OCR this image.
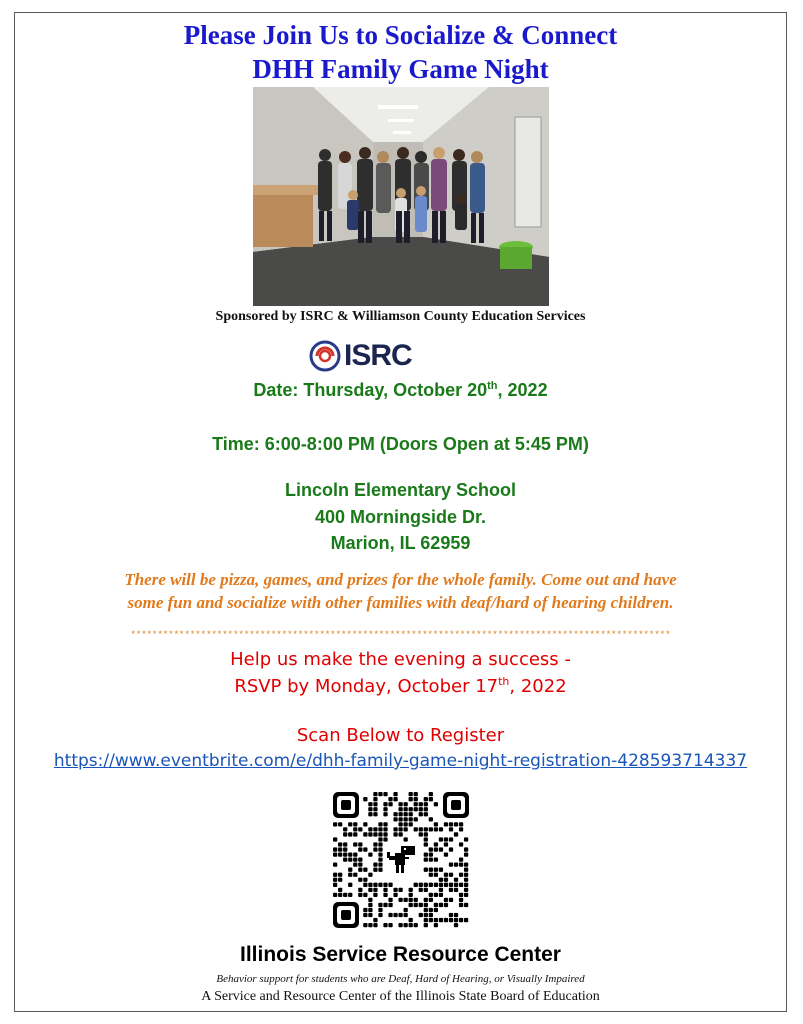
Please Join Us to Socialize & Connect
DHH Family Game Night
Sponsored by ISRC & Williamson County Education Services
ISRC
Date: Thursday, October 20th, 2022
Time: 6:00-8:00 PM (Doors Open at 5:45 PM)
Lincoln Elementary School
400 Morningside Dr.
Marion, IL 62959
There will be pizza, games, and prizes for the whole family. Come out and have
some fun and socialize with other families with deaf/hard of hearing children.
****************************************************************************************************
Help us make the evening a success -
RSVP by Monday, October 17th, 2022
Scan Below to Register
https://www.eventbrite.com/e/dhh-family-game-night-registration-428593714337
Illinois Service Resource Center
Behavior support for students who are Deaf, Hard of Hearing, or Visually Impaired
A Service and Resource Center of the Illinois State Board of Education
